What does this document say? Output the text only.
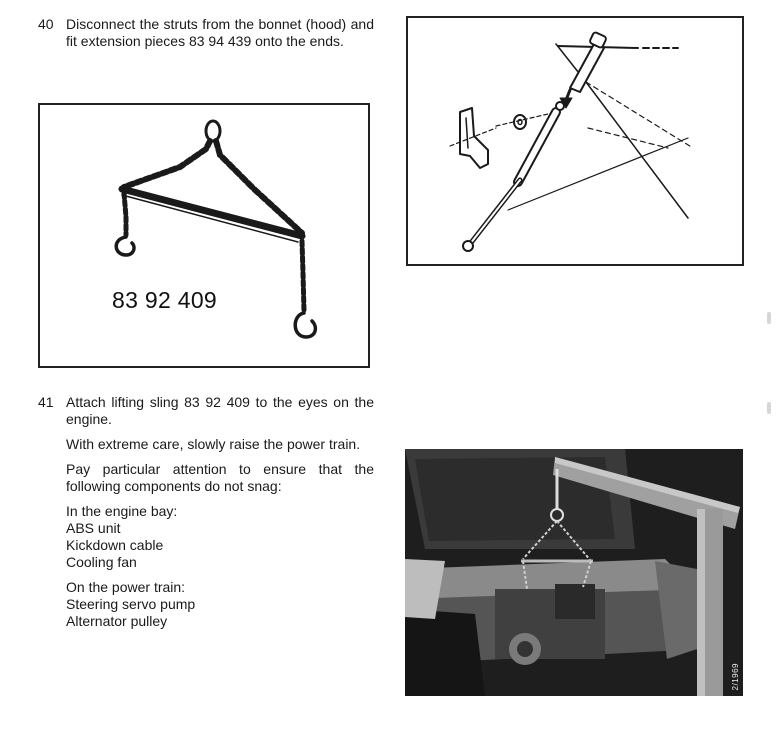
40 Disconnect the struts from the bonnet (hood) and fit extension pieces 83 94 439 onto the ends.
83 92 409
41 Attach lifting sling 83 92 409 to the eyes on the engine.
With extreme care, slowly raise the power train.
Pay particular attention to ensure that the following components do not snag:
In the engine bay:
ABS unit
Kickdown cable
Cooling fan
On the power train:
Steering servo pump
Alternator pulley
2/1969
